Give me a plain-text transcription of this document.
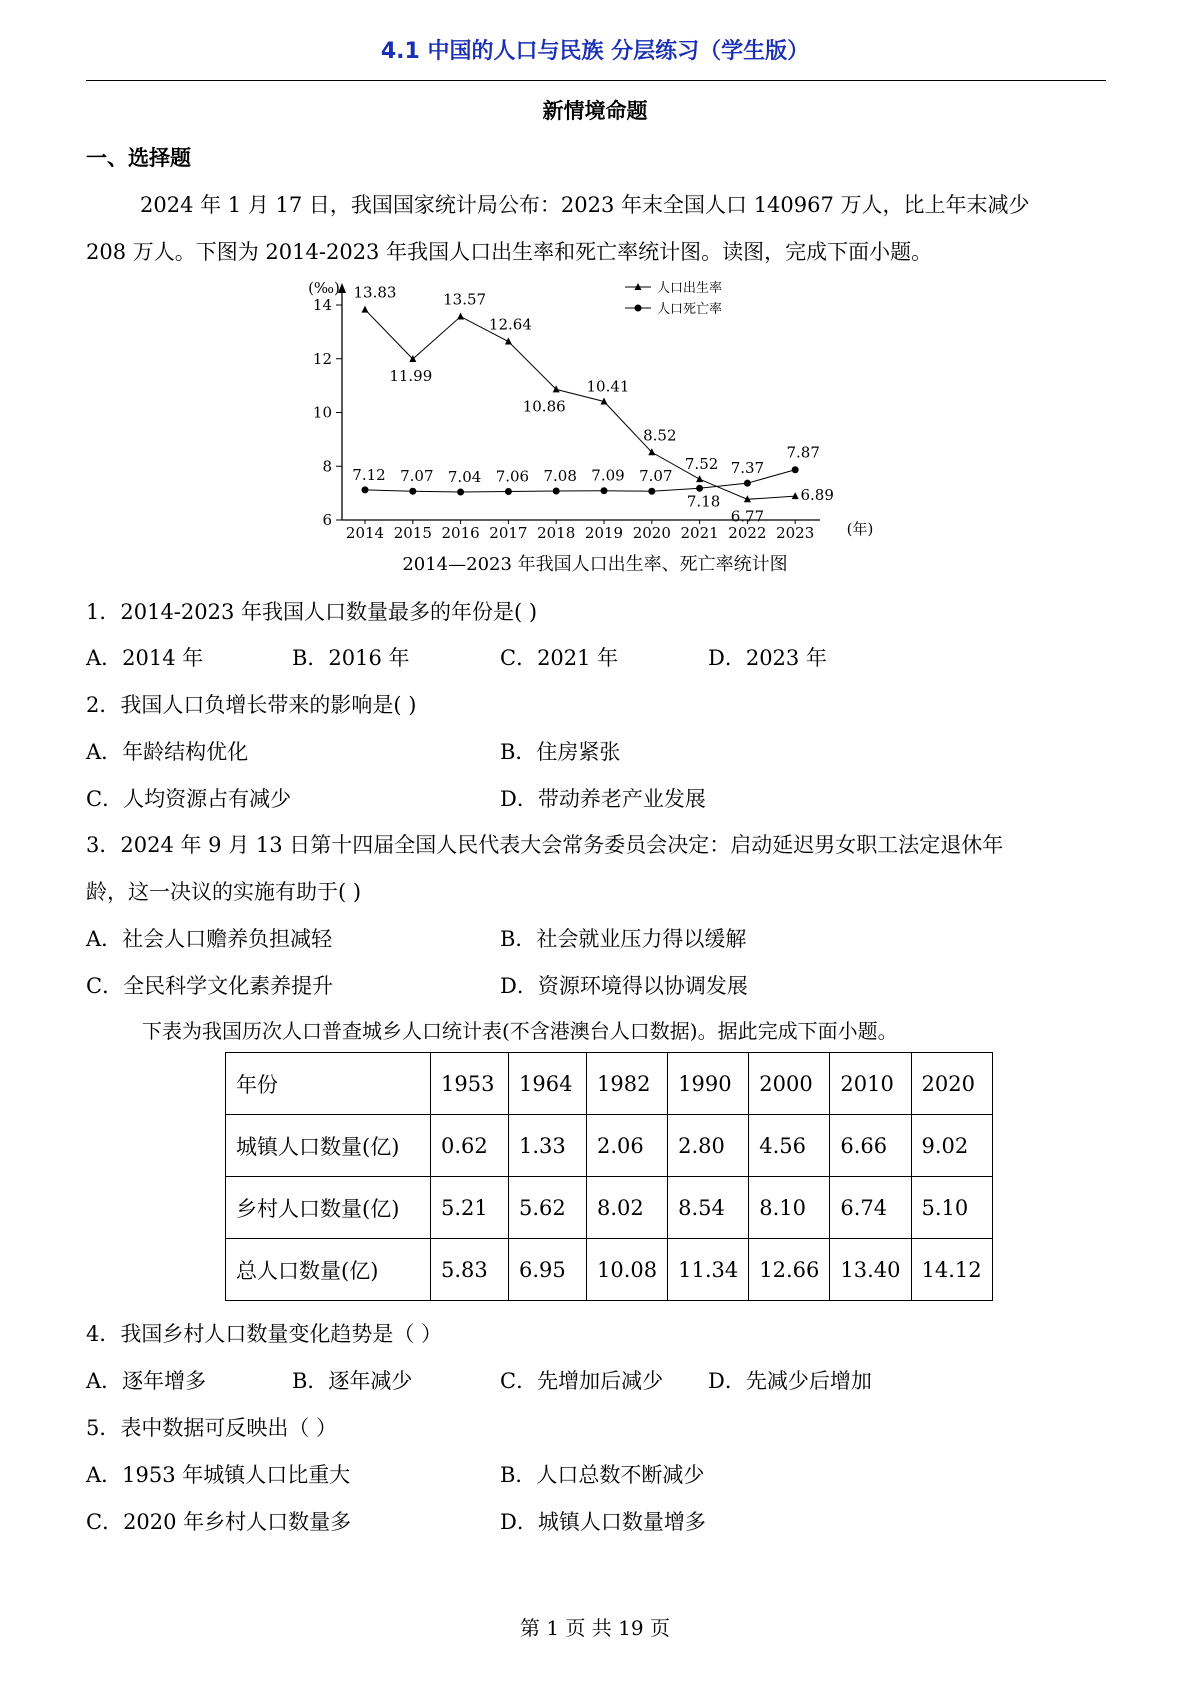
4.1 中国的人口与民族 分层练习（学生版）
新情境命题
一、选择题
2024 年 1 月 17 日，我国国家统计局公布：2023 年末全国人口 140967 万人，比上年末减少
208 万人。下图为 2014-2023 年我国人口出生率和死亡率统计图。读图，完成下面小题。
(‰)
(年)
14
12
10
8
6
2014 2015 2016 2017 2018 2019 2020 2021 2022 2023
13.83
11.99
13.57
12.64
10.86
10.41
8.52
7.52
6.77
6.89
7.12 7.07 7.04 7.06 7.08 7.09 7.07
7.18
7.37
7.87
人口出生率
人口死亡率
2014—2023 年我国人口出生率、死亡率统计图
1．2014-2023 年我国人口数量最多的年份是( )
A．2014 年	B．2016 年	C．2021 年	D．2023 年
2．我国人口负增长带来的影响是( )
A．年龄结构优化	B．住房紧张
C．人均资源占有减少	D．带动养老产业发展
3．2024 年 9 月 13 日第十四届全国人民代表大会常务委员会决定：启动延迟男女职工法定退休年
龄，这一决议的实施有助于( )
A．社会人口赡养负担减轻	B．社会就业压力得以缓解
C．全民科学文化素养提升	D．资源环境得以协调发展
下表为我国历次人口普查城乡人口统计表(不含港澳台人口数据)。据此完成下面小题。
年份	1953	1964	1982	1990	2000	2010	2020
城镇人口数量(亿)	0.62	1.33	2.06	2.80	4.56	6.66	9.02
乡村人口数量(亿)	5.21	5.62	8.02	8.54	8.10	6.74	5.10
总人口数量(亿)	5.83	6.95	10.08	11.34	12.66	13.40	14.12
4．我国乡村人口数量变化趋势是（ ）
A．逐年增多	B．逐年减少	C．先增加后减少 D．先减少后增加
5．表中数据可反映出（ ）
A．1953 年城镇人口比重大	B．人口总数不断减少
C．2020 年乡村人口数量多	D．城镇人口数量增多
第 1 页 共 19 页
